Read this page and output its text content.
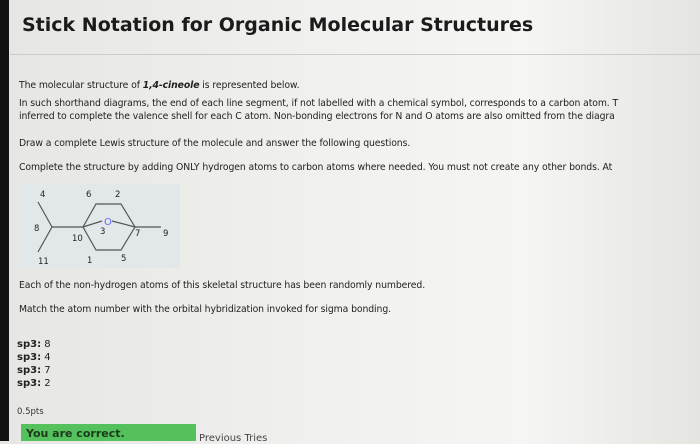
Stick Notation for Organic Molecular Structures
The molecular structure of 1,4-cineole is represented below.
In such shorthand diagrams, the end of each line segment, if not labelled with a chemical symbol, corresponds to a carbon atom. T
inferred to complete the valence shell for each C atom. Non-bonding electrons for N and O atoms are also omitted from the diagra
Draw a complete Lewis structure of the molecule and answer the following questions.
Complete the structure by adding ONLY hydrogen atoms to carbon atoms where needed. You must not create any other bonds. At
O
4	6	2
8
10
3	7	9
11	1	5
Each of the non-hydrogen atoms of this skeletal structure has been randomly numbered.
Match the atom number with the orbital hybridization invoked for sigma bonding.
sp3: 8
sp3: 4
sp3: 7
sp3: 2
0.5pts
You are correct.	Previous Tries
